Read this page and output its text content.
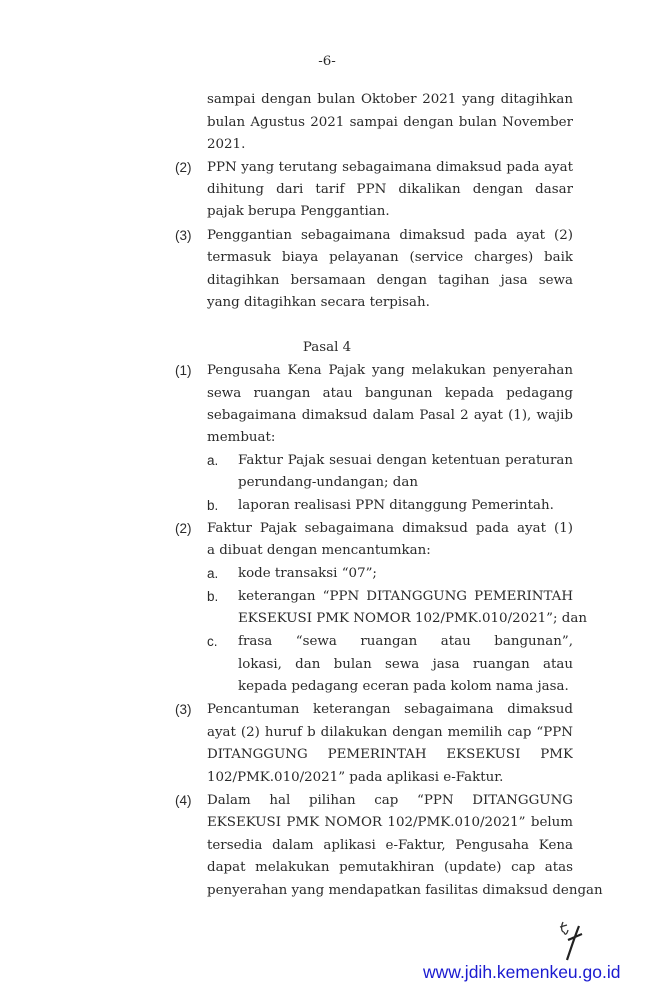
-6-
sampai dengan bulan Oktober 2021 yang ditagihkan
bulan Agustus 2021 sampai dengan bulan November
2021.
(2) PPN yang terutang sebagaimana dimaksud pada ayat
dihitung dari tarif PPN dikalikan dengan dasar
pajak berupa Penggantian.
(3) Penggantian sebagaimana dimaksud pada ayat (2)
termasuk biaya pelayanan (service charges) baik
ditagihkan bersamaan dengan tagihan jasa sewa
yang ditagihkan secara terpisah.
Pasal 4
(1) Pengusaha Kena Pajak yang melakukan penyerahan
sewa ruangan atau bangunan kepada pedagang
sebagaimana dimaksud dalam Pasal 2 ayat (1), wajib
membuat:
a. Faktur Pajak sesuai dengan ketentuan peraturan
perundang-undangan; dan
b. laporan realisasi PPN ditanggung Pemerintah.
(2) Faktur Pajak sebagaimana dimaksud pada ayat (1)
a dibuat dengan mencantumkan:
a. kode transaksi “07”;
b. keterangan “PPN DITANGGUNG PEMERINTAH
EKSEKUSI PMK NOMOR 102/PMK.010/2021”; dan
c. frasa “sewa ruangan atau bangunan”,
lokasi, dan bulan sewa jasa ruangan atau
kepada pedagang eceran pada kolom nama jasa.
(3) Pencantuman keterangan sebagaimana dimaksud
ayat (2) huruf b dilakukan dengan memilih cap “PPN
DITANGGUNG PEMERINTAH EKSEKUSI PMK
102/PMK.010/2021” pada aplikasi e-Faktur.
(4) Dalam hal pilihan cap “PPN DITANGGUNG
EKSEKUSI PMK NOMOR 102/PMK.010/2021” belum
tersedia dalam aplikasi e-Faktur, Pengusaha Kena
dapat melakukan pemutakhiran (update) cap atas
penyerahan yang mendapatkan fasilitas dimaksud dengan
www.jdih.kemenkeu.go.id
